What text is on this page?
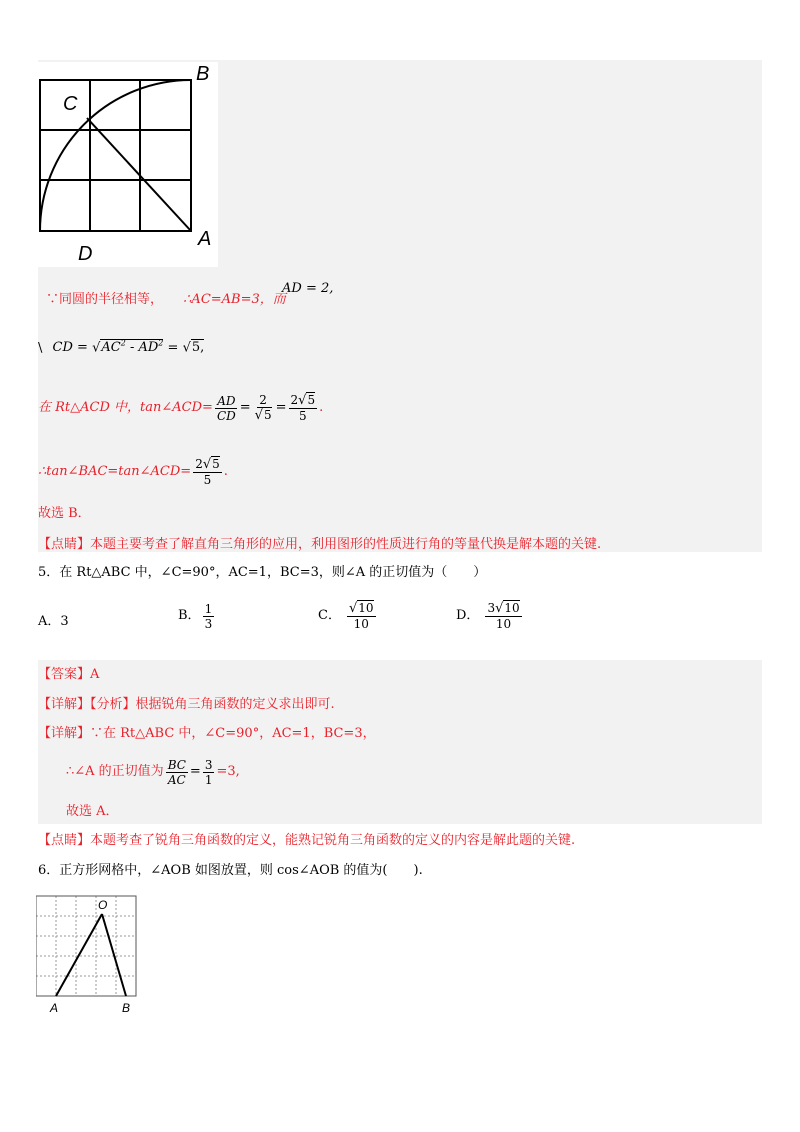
B
C
D
A
∵同圆的半径相等， ∴AC=AB=3，而
AD = 2,
\ CD = $√AC^2 - AD^2 = √5$,
在 Rt△ACD 中，tan∠ACD= $\frac{AD}{CD} = \frac{2}{√5} = \frac{2√5}{5}$ .
∴tan∠BAC=tan∠ACD= $\frac{2√5}{5}$ .
故选 B．
【点睛】本题主要考查了解直角三角形的应用，利用图形的性质进行角的等量代换是解本题的关键.
5．在 Rt△ABC 中，∠C=90°，AC=1，BC=3，则∠A 的正切值为（　　）
A．3	B． $\frac{1}{3}$	C． $\frac{√10}{10}$	D． $\frac{3√10}{10}$
【答案】A
【详解】【分析】根据锐角三角函数的定义求出即可.
【详解】∵在 Rt△ABC 中，∠C=90°，AC=1，BC=3，
∴∠A 的正切值为 $\frac{BC}{AC} = \frac{3}{1} =3$,
故选 A．
【点睛】本题考查了锐角三角函数的定义，能熟记锐角三角函数的定义的内容是解此题的关键.
6．正方形网格中，∠AOB 如图放置，则 cos∠AOB 的值为(　　).
O
A	B
